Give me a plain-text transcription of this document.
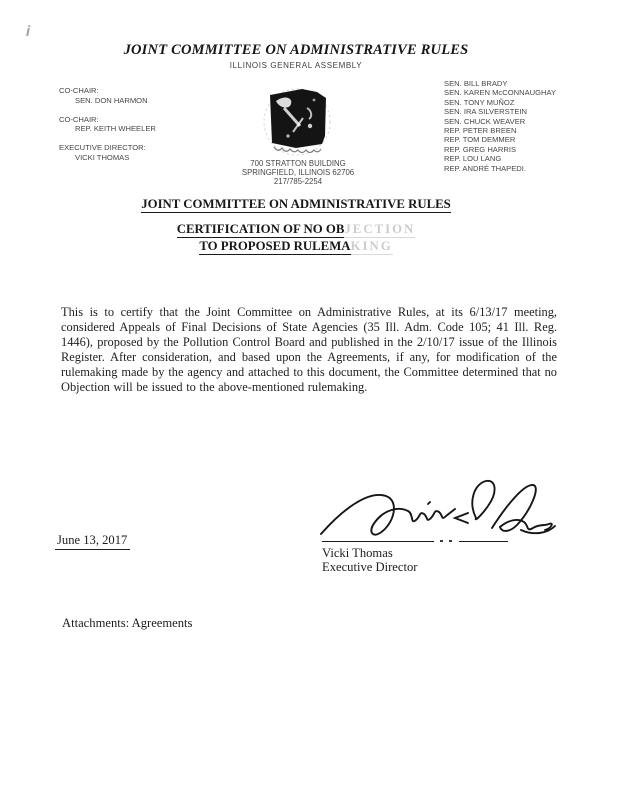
JOINT COMMITTEE ON ADMINISTRATIVE RULES
ILLINOIS GENERAL ASSEMBLY
CO-CHAIR:
SEN. DON HARMON
CO-CHAIR:
REP. KEITH WHEELER
EXECUTIVE DIRECTOR:
VICKI THOMAS
SEN. BILL BRADY
SEN. KAREN McCONNAUGHAY
SEN. TONY MUÑOZ
SEN. IRA SILVERSTEIN
SEN. CHUCK WEAVER
REP. PETER BREEN
REP. TOM DEMMER
REP. GREG HARRIS
REP. LOU LANG
REP. ANDRÉ THAPEDI.
700 STRATTON BUILDING
SPRINGFIELD, ILLINOIS 62706
217/785-2254
JOINT COMMITTEE ON ADMINISTRATIVE RULES
CERTIFICATION OF NO OBJECTION
TO PROPOSED RULEMAKING
This is to certify that the Joint Committee on Administrative Rules, at its 6/13/17 meeting, considered Appeals of Final Decisions of State Agencies (35 Ill. Adm. Code 105; 41 Ill. Reg. 1446), proposed by the Pollution Control Board and published in the 2/10/17 issue of the Illinois Register. After consideration, and based upon the Agreements, if any, for modification of the rulemaking made by the agency and attached to this document, the Committee determined that no Objection will be issued to the above-mentioned rulemaking.
June 13, 2017
Vicki Thomas
Executive Director
Attachments: Agreements
